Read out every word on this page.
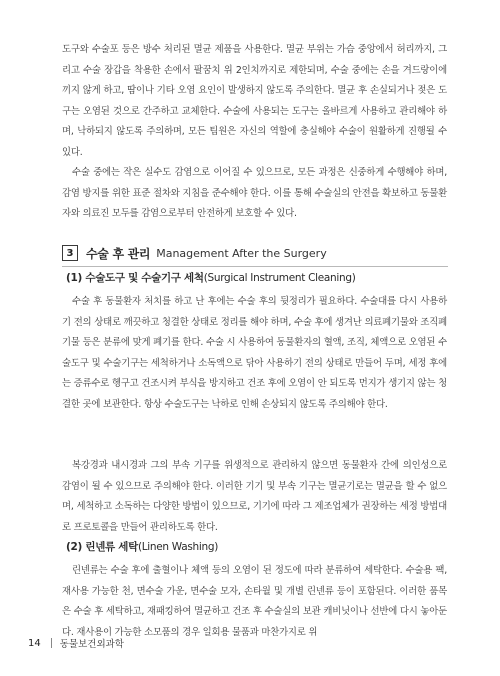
도구와 수술포 등은 방수 처리된 멸균 제품을 사용한다. 멸균 부위는 가슴 중앙에서 허리까지, 그리고 수술 장갑을 착용한 손에서 팔꿈치 위 2인치까지로 제한되며, 수술 중에는 손을 겨드랑이에 끼지 않게 하고, 땀이나 기타 오염 요인이 발생하지 않도록 주의한다. 멸균 후 손실되거나 젖은 도구는 오염된 것으로 간주하고 교체한다. 수술에 사용되는 도구는 올바르게 사용하고 관리해야 하며, 낙하되지 않도록 주의하며, 모든 팀원은 자신의 역할에 충실해야 수술이 원활하게 진행될 수 있다.

수술 중에는 작은 실수도 감염으로 이어질 수 있으므로, 모든 과정은 신중하게 수행해야 하며, 감염 방지를 위한 표준 절차와 지침을 준수해야 한다. 이를 통해 수술실의 안전을 확보하고 동물환자와 의료진 모두를 감염으로부터 안전하게 보호할 수 있다.

3	수술 후 관리 Management After the Surgery
(1) 수술도구 및 수술기구 세척(Surgical Instrument Cleaning)

수술 후 동물환자 처치를 하고 난 후에는 수술 후의 뒷정리가 필요하다. 수술대를 다시 사용하기 전의 상태로 깨끗하고 청결한 상태로 정리를 해야 하며, 수술 후에 생겨난 의료폐기물와 조직폐기물 등은 분류에 맞게 폐기를 한다. 수술 시 사용하여 동물환자의 혈액, 조직, 체액으로 오염된 수술도구 및 수술기구는 세척하거나 소독액으로 닦아 사용하기 전의 상태로 만들어 두며, 세정 후에는 증류수로 헹구고 건조시켜 부식을 방지하고 건조 후에 오염이 안 되도록 먼지가 생기지 않는 청결한 곳에 보관한다. 항상 수술도구는 낙하로 인해 손상되지 않도록 주의해야 한다.

복강경과 내시경과 그의 부속 기구를 위생적으로 관리하지 않으면 동물환자 간에 의인성으로 감염이 될 수 있으므로 주의해야 한다. 이러한 기기 및 부속 기구는 멸균기로는 멸균을 할 수 없으며, 세척하고 소독하는 다양한 방법이 있으므로, 기기에 따라 그 제조업체가 권장하는 세정 방법대로 프로토콜을 만들어 관리하도록 한다.

(2) 린넨류 세탁(Linen Washing)

린넨류는 수술 후에 출혈이나 체액 등의 오염이 된 정도에 따라 분류하여 세탁한다. 수술용 팩, 재사용 가능한 천, 면수술 가운, 면수술 모자, 손타월 및 개별 린넨류 등이 포함된다. 이러한 품목은 수술 후 세탁하고, 재패킹하여 멸균하고 건조 후 수술실의 보관 캐비닛이나 선반에 다시 놓아둔다. 재사용이 가능한 소모품의 경우 일회용 물품과 마찬가지로 위

14 동물보건외과학
